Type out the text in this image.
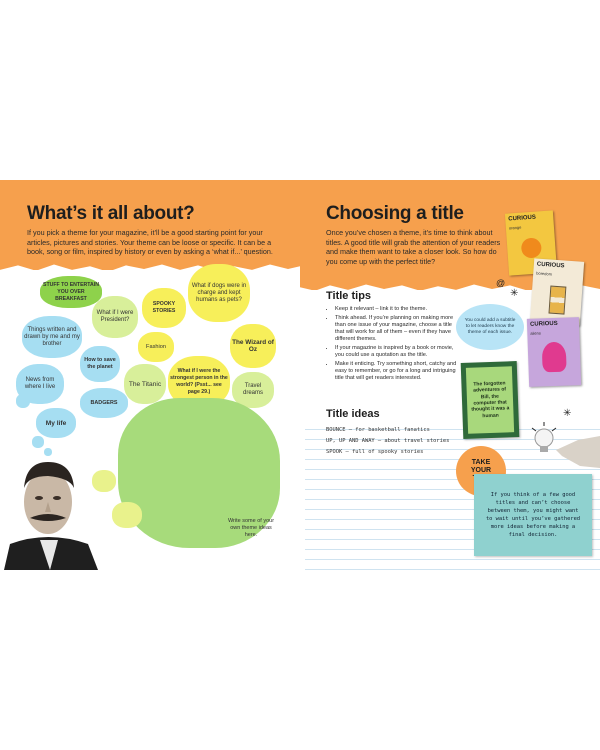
What’s it all about?
If you pick a theme for your magazine, it’ll be a good starting point for your articles, pictures and stories. Your theme can be loose or specific. It can be a book, song or film, inspired by history or even by asking a ‘what if...’ question.
STUFF TO ENTERTAIN YOU OVER BREAKFAST
What if I were President?
SPOOKY STORIES
What if dogs were in charge and kept humans as pets?
Things written and drawn by me and my brother	Fashion
The Wizard of Oz
How to save the planet
What if I were the strongest person in the world? (Psst... see page 29.)
News from where I live	The Titanic	Travel dreams
BADGERS
My life
Write some of your own theme ideas here.
Choosing a title
Once you’ve chosen a theme, it’s time to think about titles. A good title will grab the attention of your readers and make them want to take a closer look. So how do you come up with the perfect title?
Title tips
• Keep it relevant – link it to the theme.
• Think ahead. If you’re planning on making more than one issue of your magazine, choose a title that will work for all of them – even if they have different themes.
• If your magazine is inspired by a book or movie, you could use a quotation as the title.
• Make it enticing. Try something short, catchy and easy to remember, or go for a long and intriguing title that will get readers interested.
Title ideas
BOUNCE – for basketball fanatics
UP, UP AND AWAY – about travel stories
SPOOK – full of spooky stories
You could add a subtitle to let readers know the theme of each issue.
CURIOUS
orange
CURIOUS
boredom
CURIOUS
aliens
The forgotten adventures of Bill, the computer that thought it was a human
TAKE YOUR
If you think of a few good titles and can’t choose between them, you might want to wait until you’ve gathered more ideas before making a final decision.
✳
✳
@
